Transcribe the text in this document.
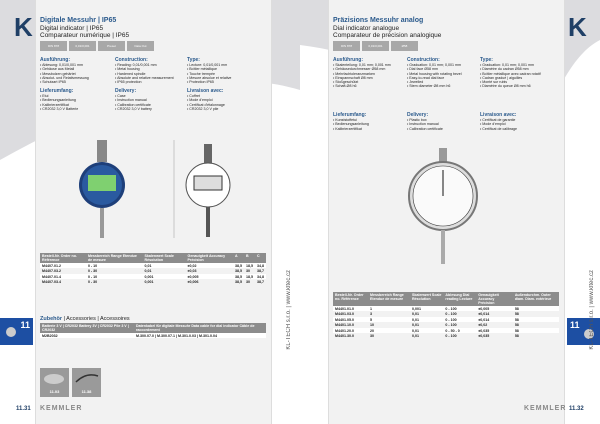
K Digitale Messuhr | IP65
Digital indicator | IP65
Comparateur numérique | IP65
DIN 878	0,01/0,001	Preset	Data Out
Ausführung:
• Ablesung: 0,01/0,001 mm
• Gehäuse aus Metall
• Messbolzen gehärtet
• Absolut- und Relativmessung
• Schutzart IP65
Construction:
• Reading: 0,01/0,001 mm
• Metal housing
• Hardened spindle
• Absolute and relative measurement
• IP65 protection
Type:
• Lecture: 0,01/0,001 mm
• Boîtier métallique
• Touche trempée
• Mesure absolue et relative
• Protection IP65
Lieferumfang:
• Etui
• Bedienungsanleitung
• Kalibrierzertifikat
• CR2032 3,0 V Batterie
Delivery:
• Case
• Instruction manual
• Calibration certificate
• CR2032 3,0 V battery
Livraison avec:
• Coffret
• Mode d'emploi
• Certificat d'étalonnage
• CR2032 3,0 V pile
Bestell-Nr. Order no. Référence	Messbereich Range Etendue de mesure	Skalenwert Scale Résolution	Genauigkeit Accuracy Précision	A	B	C
M4407.01.2	0 - 10	0,01	±0,02	38,5	18,5	34,8
M4407.03.2	0 - 30	0,01	±0,03	38,5	30	38,7
M4407.01.4	0 - 10	0,001	±0,005	38,5	18,5	34,8
M4407.03.4	0 - 30	0,001	±0,006	38,5	30	38,7
Zubehör | Accessories | Accessoires
Batterie 3 V | CR2032 Battery 3V | CR2032 Pile 3 V | CR2032	Datenkabel für digitale Messuhr Data cable for dial indicator Câble de raccordement
M2B2032	M.300.07.0 | M.300.07.1 | M.301.0.03 | M.301.0.04
11.03	11.38
11
11.31 KEMMLER
KL-TECH s.r.o. | www.kltec.cz
K
Präzisions Messuhr analog
Dial indicator analogue
Comparateur de précision analogique
DIN 878	0,01/0,001	Ø58
Ausführung:
• Skalenteilung: 0,01 mm; 0,001 mm
• Gehäusedurchmesser Ø58 mm
• Mehrfachtoleranzmarken
• Einspannschaft Ø8 mm
• Stoßgeschützt
• Schaft-Ø8 h6
Construction:
• Graduation: 0,01 mm; 0,001 mm
• Dial face Ø58 mm
• Metal housing with rotating bezel
• Easy-to-read dial face
• Jewelled
• Stem diameter Ø8 mm h6
Type:
• Graduation: 0,01 mm; 0,001 mm
• Diamètre du cadran Ø58 mm
• Boîtier métallique avec cadran rotatif
• Cadran gradué | aiguilles
• Monté sur rubis
• Diamètre du queue Ø8 mm h6
Lieferumfang:
• Kunststoffetui
• Bedienungsanleitung
• Kalibrierzertifikat
Delivery:
• Plastic box
• Instruction manual
• Calibration certificate
Livraison avec:
• Certificat de garantie
• Mode d'emploi
• Certificat de calibrage
Bestell-Nr. Order no. Référence	Messbereich Range Etendue de mesure	Skalenwert Scale Résolution	Ablesung Dial reading Lecture	Genauigkeit Accuracy Précision	Außendurchm. Outer diam. Diam. extérieur
M4401.01.0	1	0,001	0 - 100	±0,005	58
M4401.03.0	3	0,01	0 - 100	±0,014	58
M4401.05.0	5	0,01	0 - 100	±0,014	58
M4401.10.0	10	0,01	0 - 100	±0,02	58
M4401.20.0	20	0,01	0 - 50 - 0	±0,035	58
M4401.30.0	30	0,01	0 - 100	±0,035	58
11
KEMMLER 11.32
KL-TECH s.r.o. | www.kltec.cz
